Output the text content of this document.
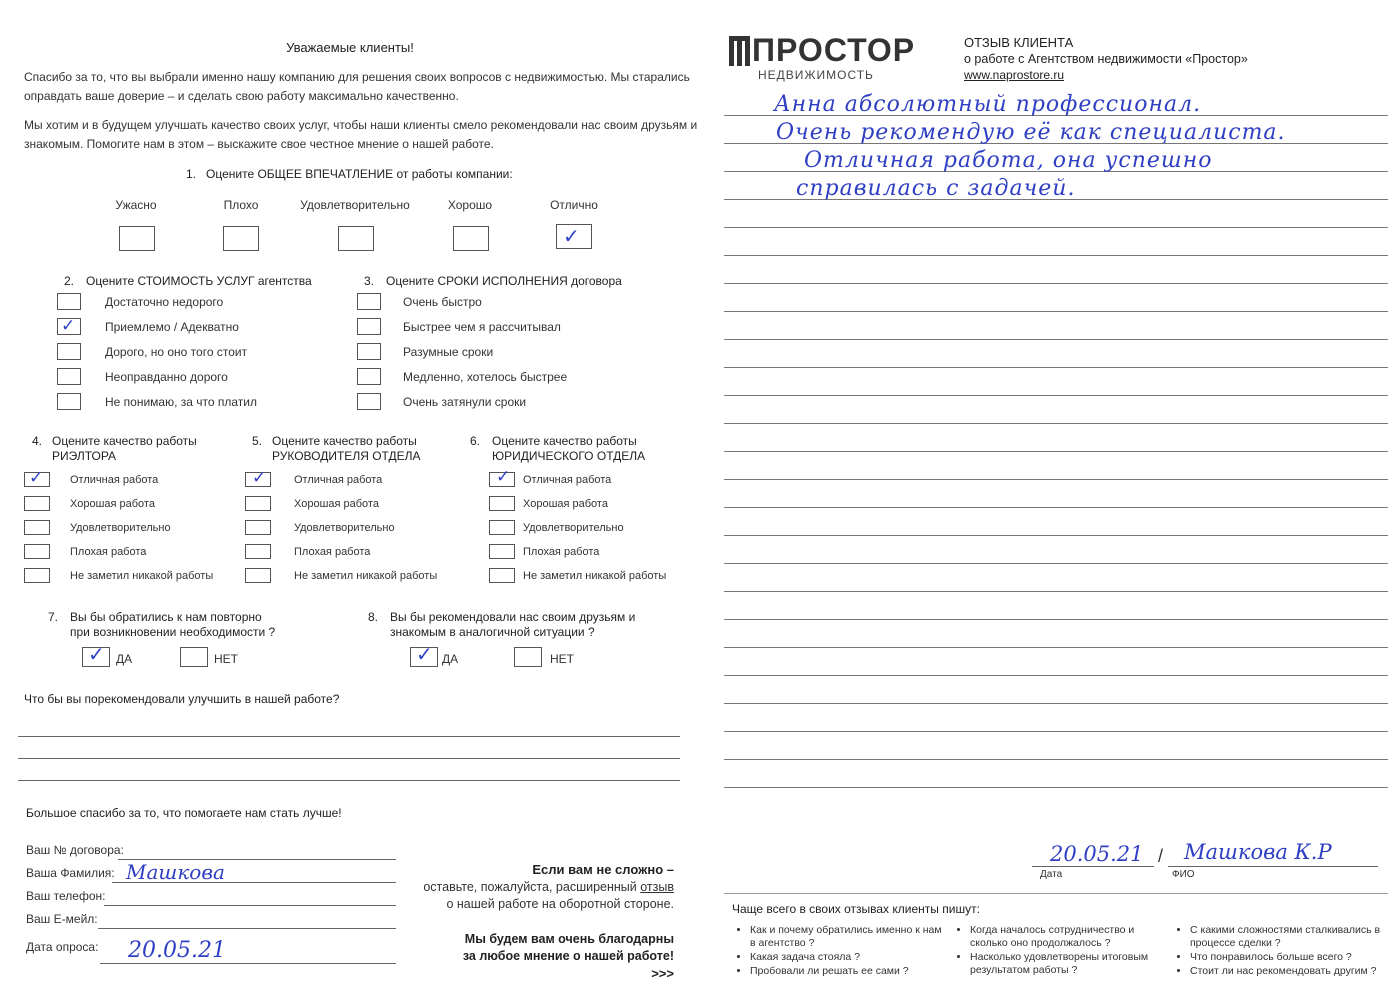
Уважаемые клиенты!
Спасибо за то, что вы выбрали именно нашу компанию для решения своих вопросов с недвижимостью. Мы старались
оправдать ваше доверие – и сделать свою работу максимально качественно.
Мы хотим и в будущем улучшать качество своих услуг, чтобы наши клиенты смело рекомендовали нас своим друзьям и
знакомым. Помогите нам в этом – выскажите свое честное мнение о нашей работе.
1. Оцените ОБЩЕЕ ВПЕЧАТЛЕНИЕ от работы компании:
Ужасно	Плохо	Удовлетворительно	Хорошо	Отлично
✓
2. Оцените СТОИМОСТЬ УСЛУГ агентства
Достаточно недорого
✓ Приемлемо / Адекватно
Дорого, но оно того стоит
Неоправданно дорого
Не понимаю, за что платил
3. Оцените СРОКИ ИСПОЛНЕНИЯ договора
Очень быстро
Быстрее чем я рассчитывал
Разумные сроки
Медленно, хотелось быстрее
Очень затянули сроки
4. Оцените качество работы
РИЭЛТОРА
✓ Отличная работа
Хорошая работа
Удовлетворительно
Плохая работа
Не заметил никакой работы
5. Оцените качество работы
РУКОВОДИТЕЛЯ ОТДЕЛА
✓	Отличная работа
Хорошая работа
Удовлетворительно
Плохая работа
Не заметил никакой работы
6. Оцените качество работы
ЮРИДИЧЕСКОГО ОТДЕЛА
✓ Отличная работа
Хорошая работа
Удовлетворительно
Плохая работа
Не заметил никакой работы
7. Вы бы обратились к нам повторно
при возникновении необходимости ?
✓ ДА	НЕТ
8. Вы бы рекомендовали нас своим друзьям и
знакомым в аналогичной ситуации ?
✓ ДА	НЕТ
Что бы вы порекомендовали улучшить в нашей работе?
Большое спасибо за то, что помогаете нам стать лучше!
Ваш № договора:
Ваша Фамилия: Машкова
Ваш телефон:
Ваш E-мейл:
Дата опроса: 20.05.21
Если вам не сложно –
оставьте, пожалуйста, расширенный отзыв
о нашей работе на оборотной стороне.
Мы будем вам очень благодарны
за любое мнение о нашей работе!
>>>
ПРОСТОР
НЕДВИЖИМОСТЬ
ОТЗЫВ КЛИЕНТА
о работе с Агентством недвижимости «Простор»
www.naprostore.ru
Анна абсолютный профессионал.
Очень рекомендую её как специалиста.
Отличная работа, она успешно
справилась с задачей.
/
20.05.21 Машкова К.Р
Дата	ФИО
Чаще всего в своих отзывах клиенты пишут:
• Как и почему обратились именно к нам в агентство ?
• Какая задача стояла ?
• Пробовали ли решать ее сами ?
• Когда началось сотрудничество и сколько оно продолжалось ?
• Насколько удовлетворены итоговым результатом работы ?
• С какими сложностями сталкивались в процессе сделки ?
• Что понравилось больше всего ?
• Стоит ли нас рекомендовать другим ?
